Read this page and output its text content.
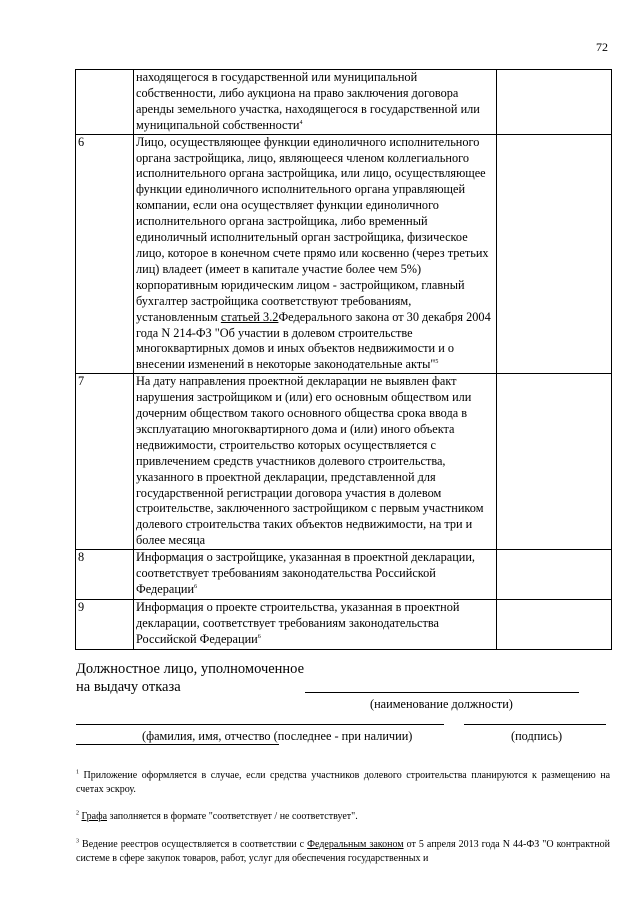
72
	находящегося в государственной или муниципальной собственности, либо аукциона на право заключения договора аренды земельного участка, находящегося в государственной или муниципальной собственности$^4$	
6	Лицо, осуществляющее функции единоличного исполнительного органа застройщика, лицо, являющееся членом коллегиального исполнительного органа застройщика, или лицо, осуществляющее функции единоличного исполнительного органа управляющей компании, если она осуществляет функции единоличного исполнительного органа застройщика, либо временный единоличный исполнительный орган застройщика, физическое лицо, которое в конечном счете прямо или косвенно (через третьих лиц) владеет (имеет в капитале участие более чем 5%) корпоративным юридическим лицом - застройщиком, главный бухгалтер застройщика соответствуют требованиям, установленным статьей 3.2Федерального закона от 30 декабря 2004 года N 214-ФЗ "Об участии в долевом строительстве многоквартирных домов и иных объектов недвижимости и о внесении изменений в некоторые законодательные акты"$^5$	
7	На дату направления проектной декларации не выявлен факт нарушения застройщиком и (или) его основным обществом или дочерним обществом такого основного общества срока ввода в эксплуатацию многоквартирного дома и (или) иного объекта недвижимости, строительство которых осуществляется с привлечением средств участников долевого строительства, указанного в проектной декларации, представленной для государственной регистрации договора участия в долевом строительстве, заключенного застройщиком с первым участником долевого строительства таких объектов недвижимости, на три и более месяца	
8	Информация о застройщике, указанная в проектной декларации, соответствует требованиям законодательства Российской Федерации$^6$	
9	Информация о проекте строительства, указанная в проектной декларации, соответствует требованиям законодательства Российской Федерации$^6$	
Должностное лицо, уполномоченное
на выдачу отказа
(наименование должности)
(фамилия, имя, отчество (последнее - при наличии)	(подпись)
$^1$ Приложение оформляется в случае, если средства участников долевого строительства планируются к размещению на счетах эскроу.
$^2$ Графа заполняется в формате "соответствует / не соответствует".
$^3$ Ведение реестров осуществляется в соответствии с Федеральным законом от 5 апреля 2013 года N 44-ФЗ "О контрактной системе в сфере закупок товаров, работ, услуг для обеспечения государственных и
